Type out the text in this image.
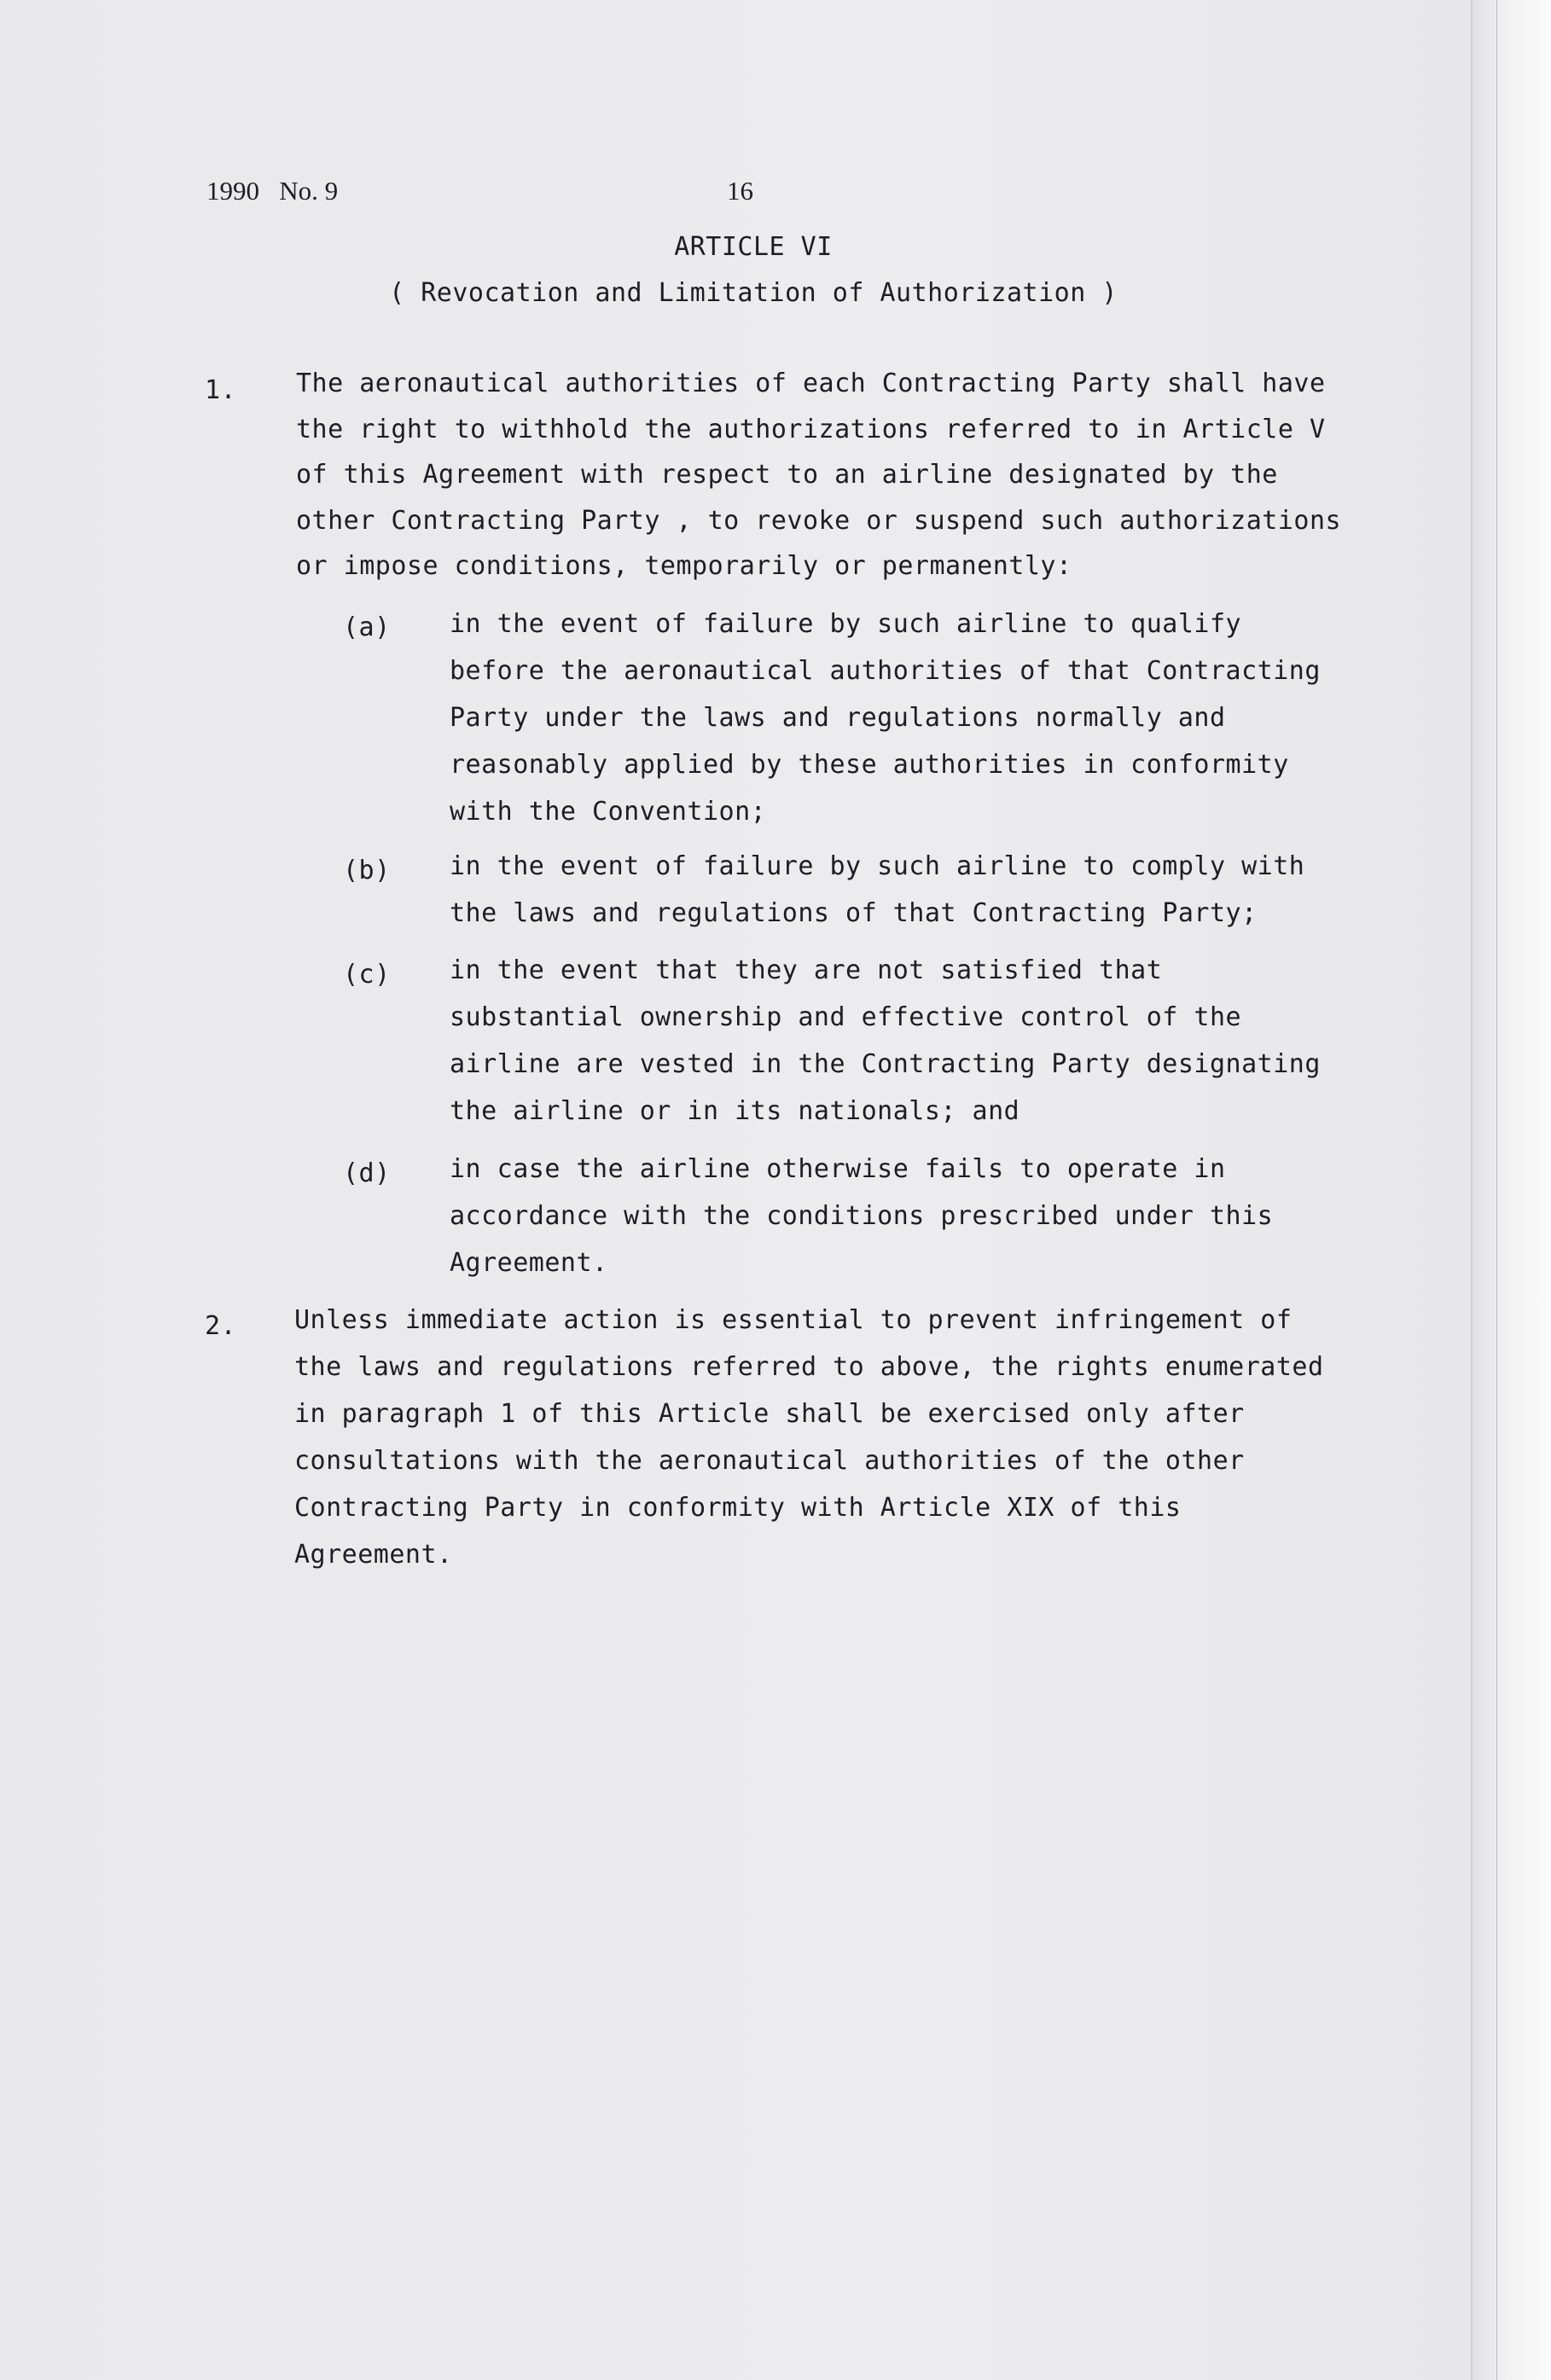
1990   No. 9	16
ARTICLE VI
( Revocation and Limitation of Authorization )
1. The aeronautical authorities of each Contracting Party shall have the right to withhold the authorizations referred to in Article V of this Agreement with respect to an airline designated by the other Contracting Party , to revoke or suspend such authorizations or impose conditions, temporarily or permanently:
(a) in the event of failure by such airline to qualify before the aeronautical authorities of that Contracting Party under the laws and regulations normally and reasonably applied by these authorities in conformity with the Convention;
(b) in the event of failure by such airline to comply with the laws and regulations of that Contracting Party;
(c) in the event that they are not satisfied that substantial ownership and effective control of the airline are vested in the Contracting Party designating the airline or in its nationals; and
(d) in case the airline otherwise fails to operate in accordance with the conditions prescribed under this Agreement.
2. Unless immediate action is essential to prevent infringement of the laws and regulations referred to above, the rights enumerated in paragraph 1 of this Article shall be exercised only after consultations with the aeronautical authorities of the other Contracting Party in conformity with Article XIX of this Agreement.
